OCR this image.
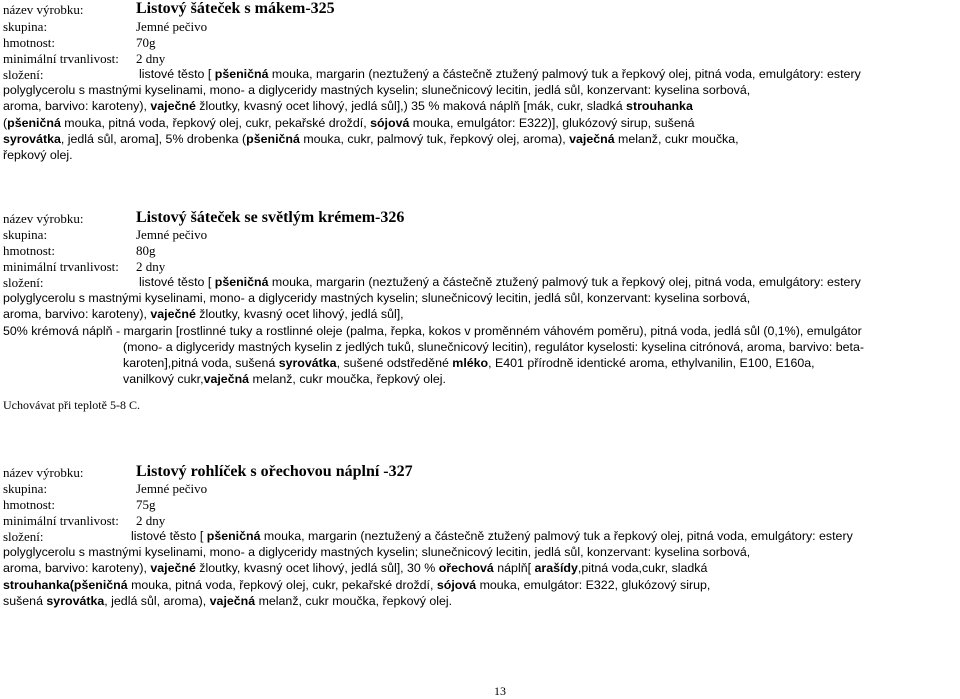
název výrobku:	Listový šáteček s mákem-325
skupina:	Jemné pečivo
hmotnost:	70g
minimální trvanlivost: 2 dny
složení:	listové těsto [ pšeničná mouka, margarin (neztužený a částečně ztužený palmový tuk a řepkový olej, pitná voda, emulgátory: estery
polyglycerolu s mastnými kyselinami, mono- a diglyceridy mastných kyselin; slunečnicový lecitin, jedlá sůl, konzervant: kyselina sorbová,
aroma, barvivo: karoteny), vaječné žloutky, kvasný ocet lihový, jedlá sůl],) 35 % maková náplň [mák, cukr, sladká strouhanka
(pšeničná mouka, pitná voda, řepkový olej, cukr, pekařské droždí, sójová mouka, emulgátor: E322)], glukózový sirup, sušená
syrovátka, jedlá sůl, aroma], 5% drobenka (pšeničná mouka, cukr, palmový tuk, řepkový olej, aroma), vaječná melanž, cukr moučka,
řepkový olej.
název výrobku:	Listový šáteček se světlým krémem-326
skupina:	Jemné pečivo
hmotnost:	80g
minimální trvanlivost: 2 dny
složení:	listové těsto [ pšeničná mouka, margarin (neztužený a částečně ztužený palmový tuk a řepkový olej, pitná voda, emulgátory: estery
polyglycerolu s mastnými kyselinami, mono- a diglyceridy mastných kyselin; slunečnicový lecitin, jedlá sůl, konzervant: kyselina sorbová,
aroma, barvivo: karoteny), vaječné žloutky, kvasný ocet lihový, jedlá sůl],
50% krémová náplň - margarin [rostlinné tuky a rostlinné oleje (palma, řepka, kokos v proměnném váhovém poměru), pitná voda, jedlá sůl (0,1%), emulgátor
(mono- a diglyceridy mastných kyselin z jedlých tuků, slunečnicový lecitin), regulátor kyselosti: kyselina citrónová, aroma, barvivo: beta-
karoten],pitná voda, sušená syrovátka, sušené odstředěné mléko, E401 přírodně identické aroma, ethylvanilin, E100, E160a,
vanilkový cukr,vaječná melanž, cukr moučka, řepkový olej.
Uchovávat při teplotě 5-8 C.
název výrobku:	Listový rohlíček s ořechovou náplní -327
skupina:	Jemné pečivo
hmotnost:	75g
minimální trvanlivost: 2 dny
složení:	listové těsto [ pšeničná mouka, margarin (neztužený a částečně ztužený palmový tuk a řepkový olej, pitná voda, emulgátory: estery
polyglycerolu s mastnými kyselinami, mono- a diglyceridy mastných kyselin; slunečnicový lecitin, jedlá sůl, konzervant: kyselina sorbová,
aroma, barvivo: karoteny), vaječné žloutky, kvasný ocet lihový, jedlá sůl], 30 % ořechová náplň[ arašídy,pitná voda,cukr, sladká
strouhanka(pšeničná mouka, pitná voda, řepkový olej, cukr, pekařské droždí, sójová mouka, emulgátor: E322, glukózový sirup,
sušená syrovátka, jedlá sůl, aroma), vaječná melanž, cukr moučka, řepkový olej.
13
